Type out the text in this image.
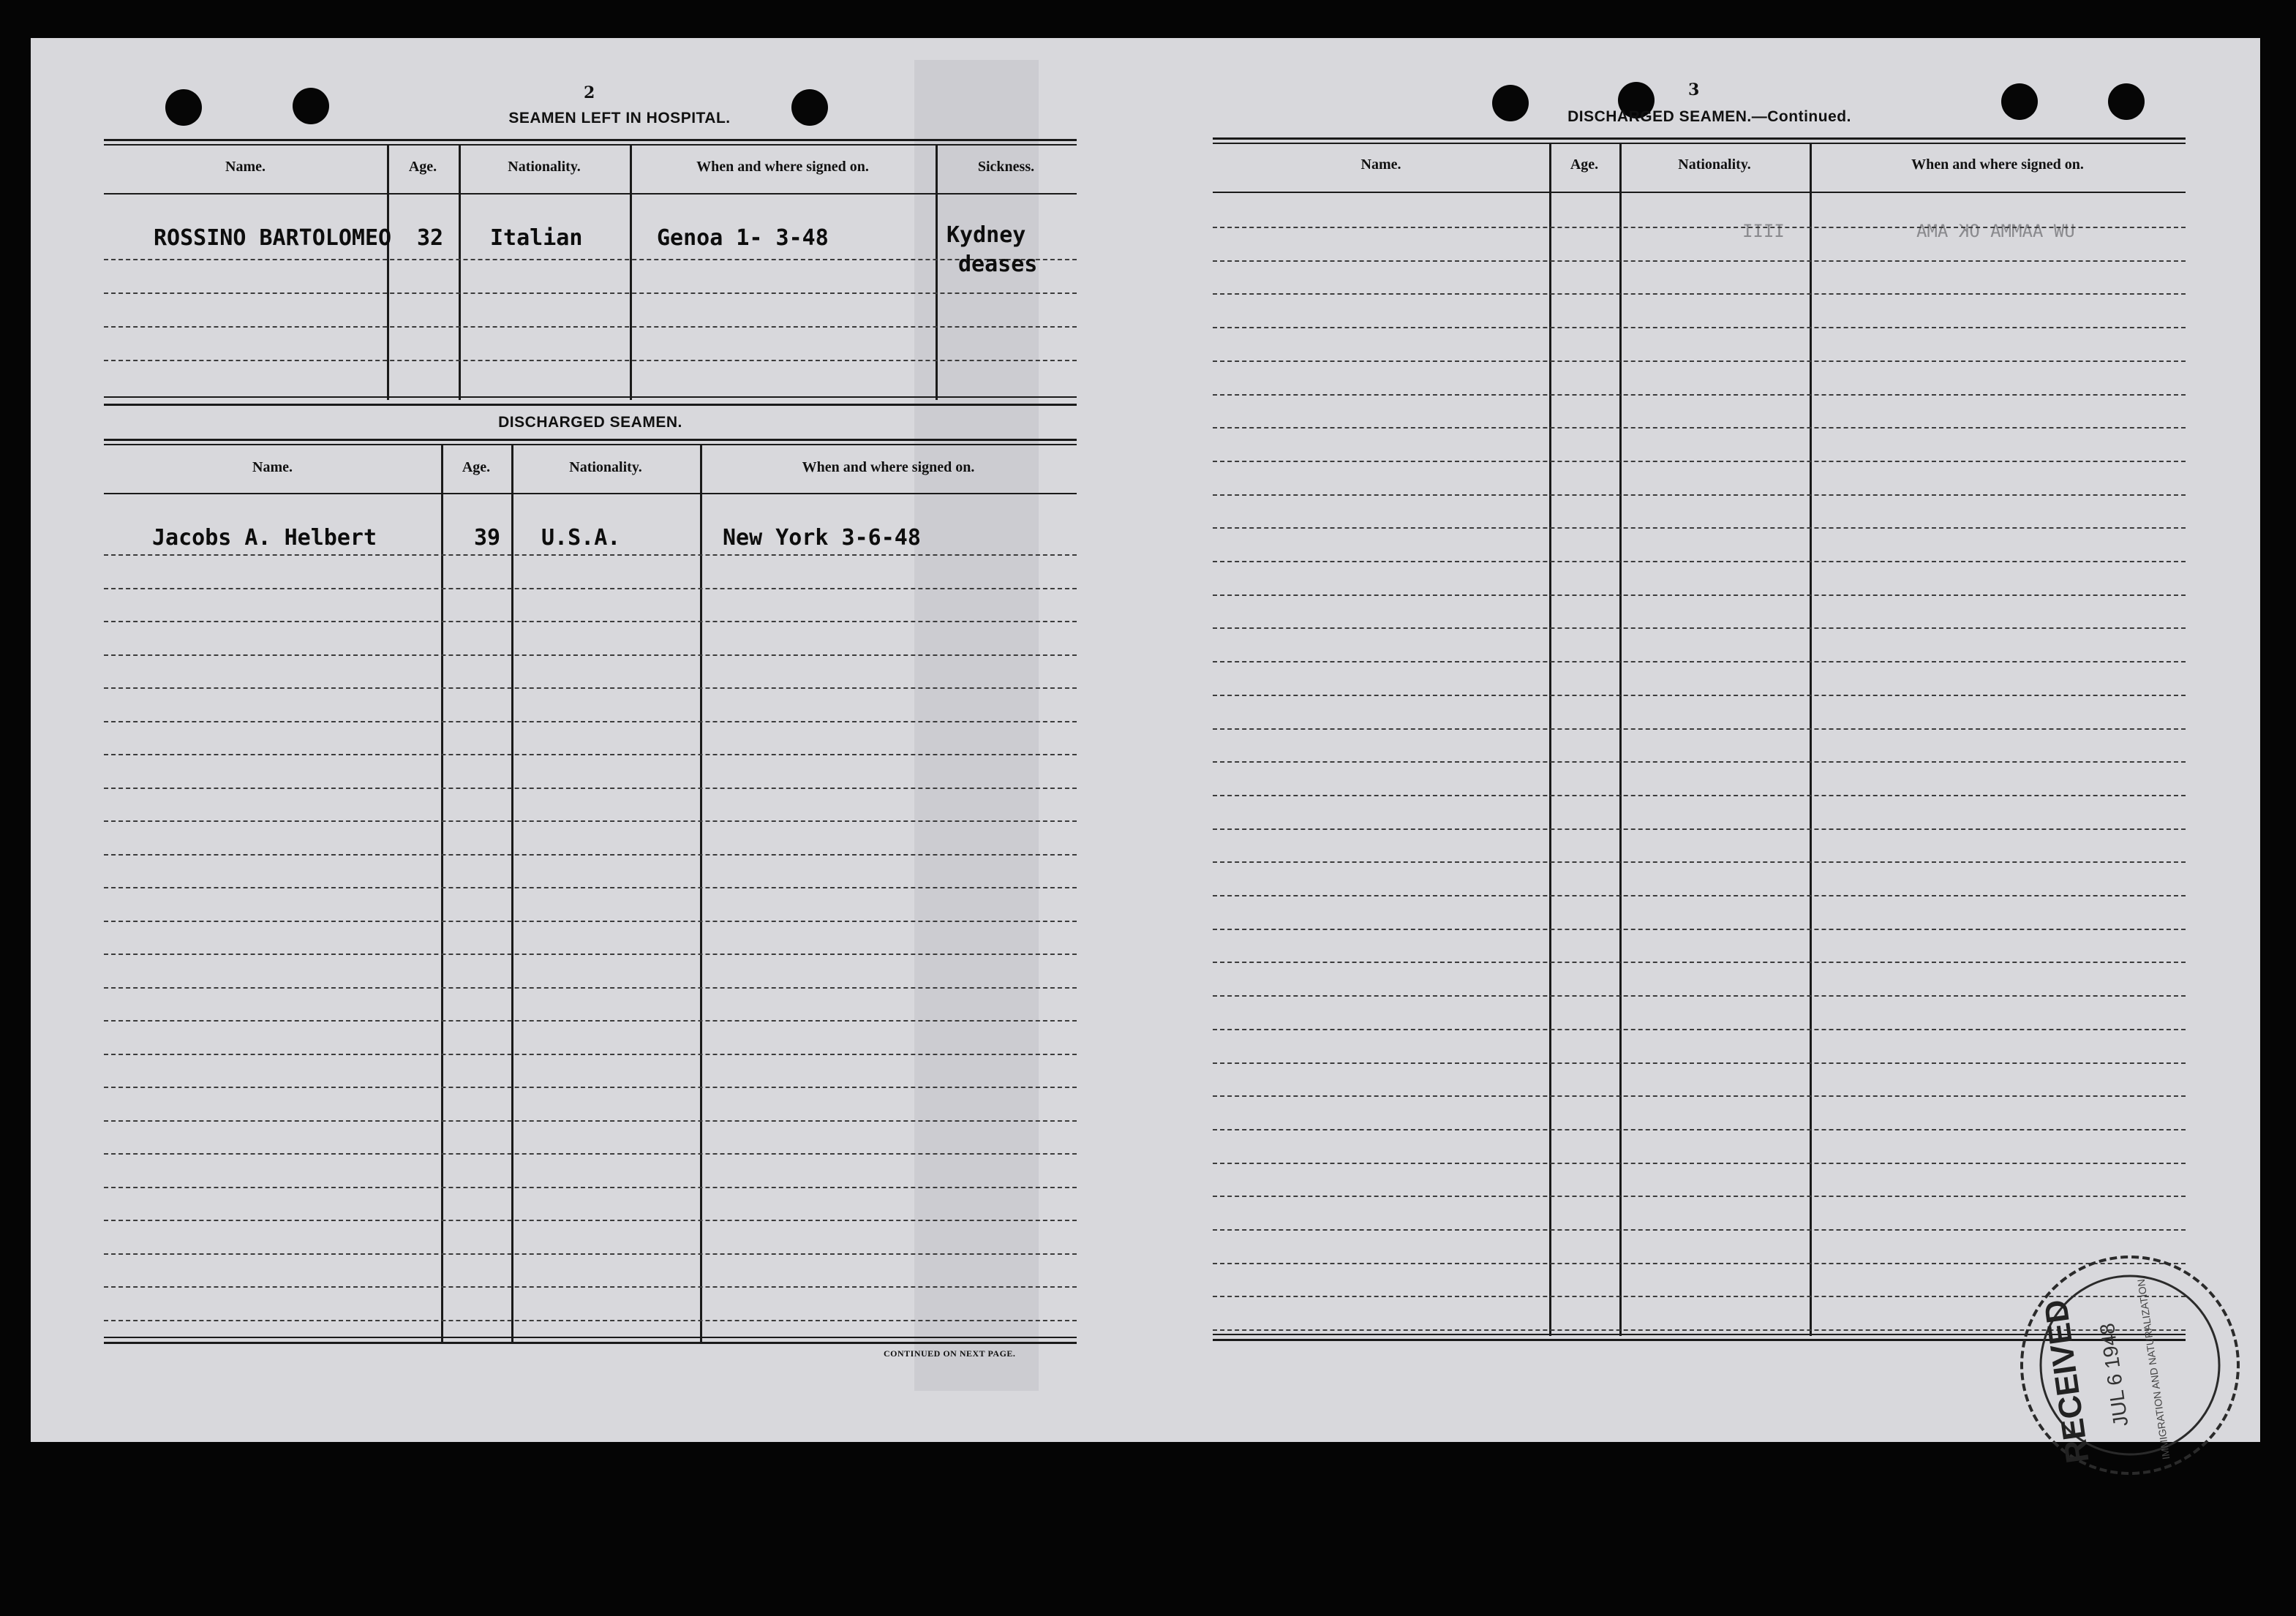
2
SEAMEN LEFT IN HOSPITAL.
Name.	Age.	Nationality.	When and where signed on.	Sickness.
ROSSINO BARTOLOMEO 32 Italian	Genoa 1- 3-48	Kydney
deases
DISCHARGED SEAMEN.
Name.	Age.	Nationality.	When and where signed on.
Jacobs A. Helbert	39 U.S.A.	New York 3-6-48
CONTINUED ON NEXT PAGE.
3
DISCHARGED SEAMEN.—Continued.
Name.	Age.	Nationality.	When and where signed on.
IIII	UW AAMMA OK AMA
RECEIVED JUL 6 1948 IMMIGRATION AND NATURALIZATION
